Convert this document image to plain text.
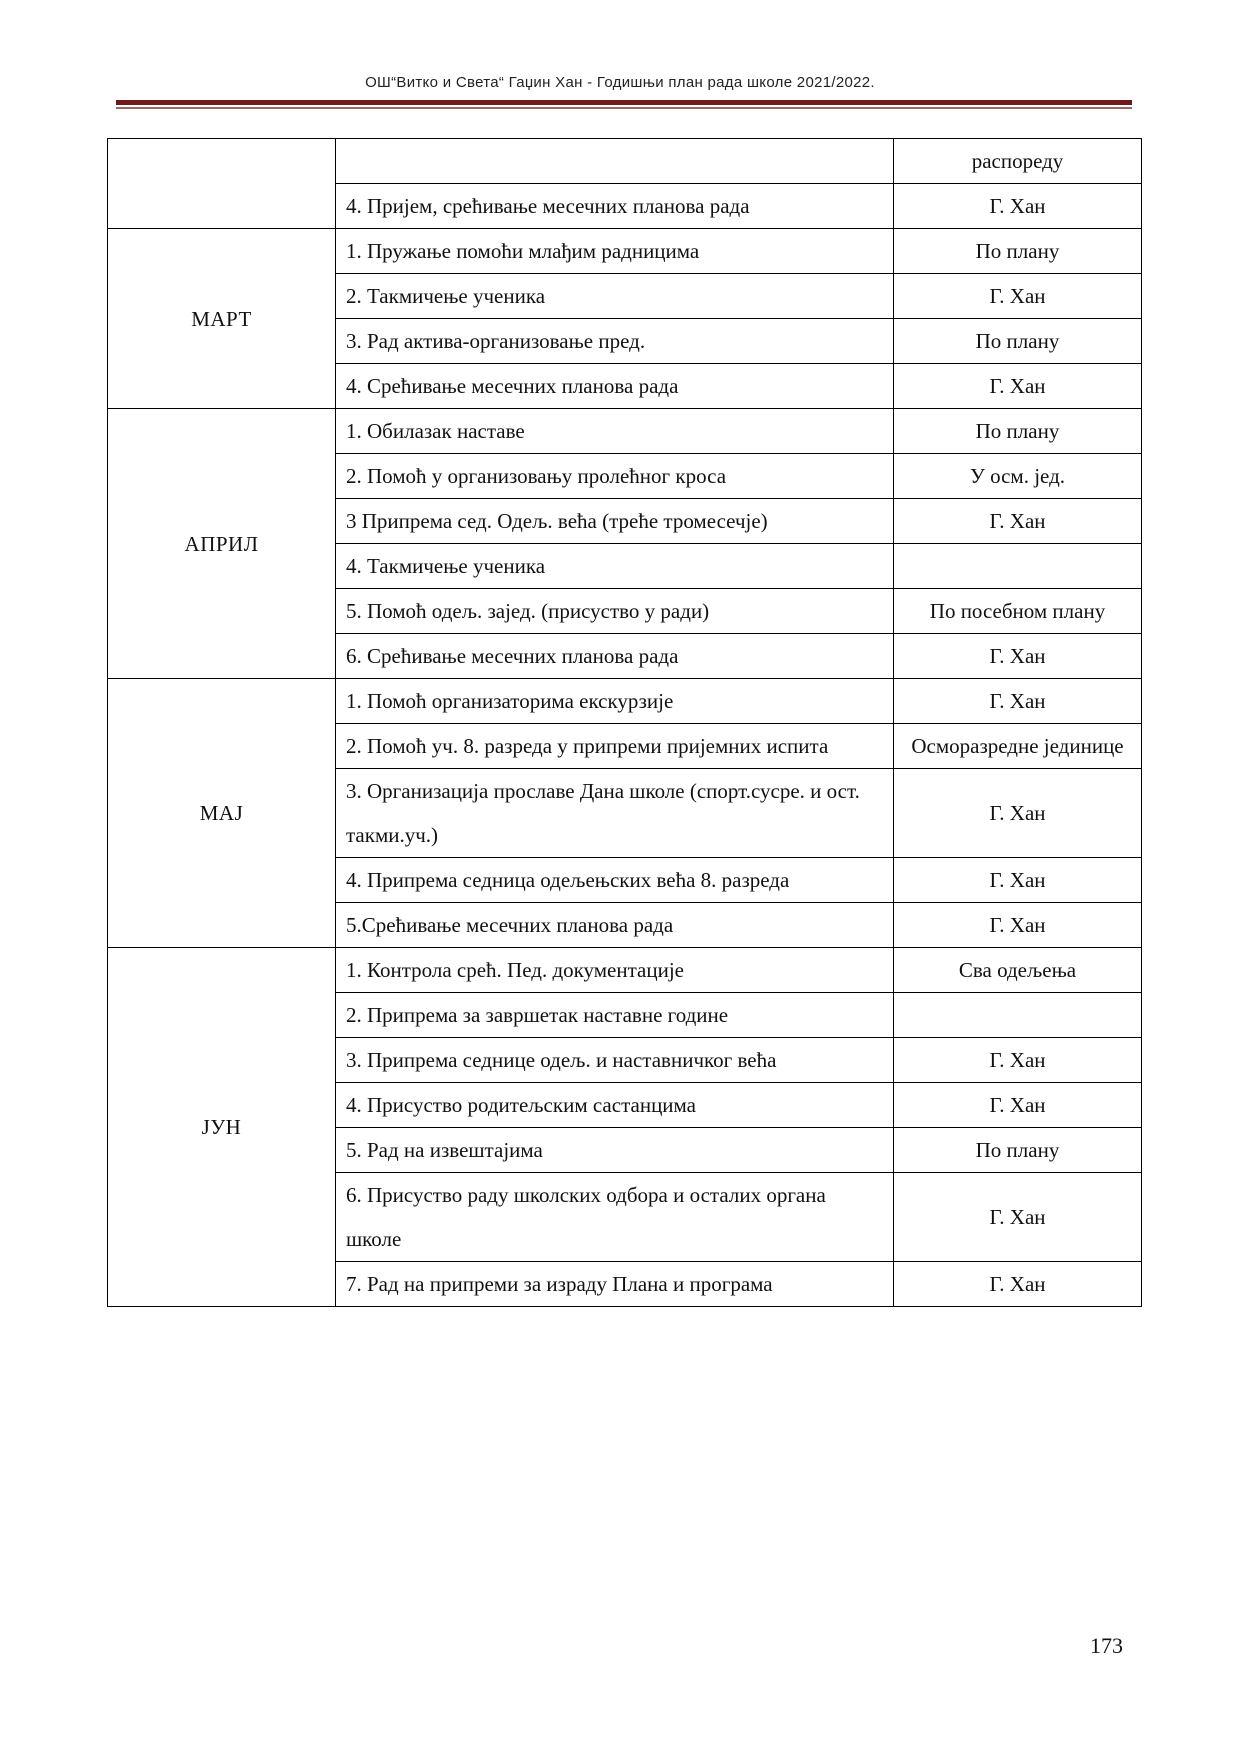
ОШ“Витко и Света“ Гаџин Хан - Годишњи план рада школе 2021/2022.
		распореду
	4. Пријем, срећивање месечних планова рада	Г. Хан
МАРТ	1. Пружање помоћи млађим радницима	По плану
	2. Такмичење ученика	Г. Хан
	3. Рад актива-организовање пред.	По плану
	4. Срећивање месечних планова рада	Г. Хан
АПРИЛ	1. Обилазак наставе	По плану
	2. Помоћ у организовању пролећног кроса	У осм. јед.
	3 Припрема сед. Одељ. већа (треће тромесечје)	Г. Хан
	4. Такмичење ученика	
	5. Помоћ одељ. заjед. (присуство у ради)	По посебном плану
	6. Срећивање месечних планова рада	Г. Хан
МАЈ	1. Помоћ организаторима екскурзије	Г. Хан
	2. Помоћ уч. 8. разреда у припреми пријемних испита	Осморазредне јединице
	3. Организација прославе Дана школе (спорт.сусре. и ост. такми.уч.)	Г. Хан
	4. Припрема седница одељењских већа 8. разреда	Г. Хан
	5.Срећивање месечних планова рада	Г. Хан
ЈУН	1. Контрола срећ. Пед. документације	Сва одељења
	2. Припрема за завршетак наставне године	
	3. Припрема седнице одељ. и наставничког већа	Г. Хан
	4. Присуство родитељским састанцима	Г. Хан
	5. Рад на извештајима	По плану
	6. Присуство раду школских одбора и осталих органа школе	Г. Хан
	7. Рад на припреми за израду Плана и програма	Г. Хан
173
